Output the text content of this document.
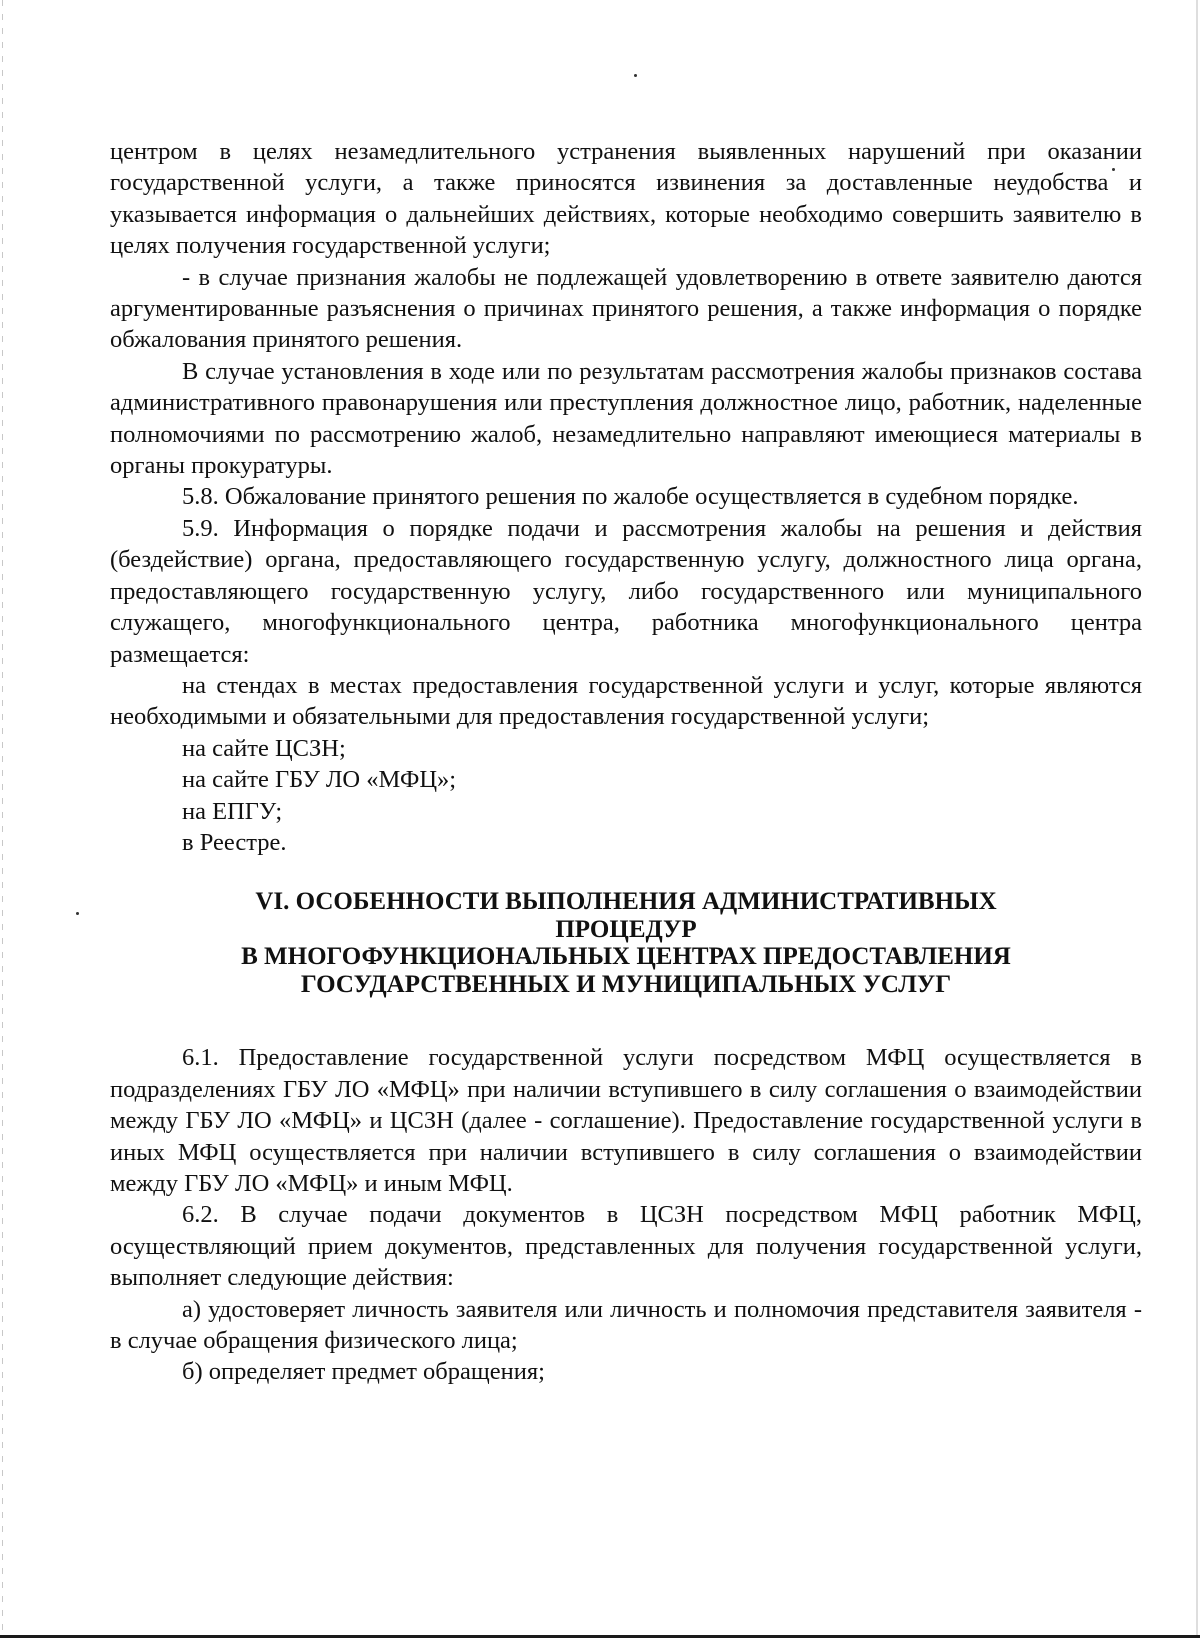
центром в целях незамедлительного устранения выявленных нарушений при оказании государственной услуги, а также приносятся извинения за доставленные неудобства и указывается информация о дальнейших действиях, которые необходимо совершить заявителю в целях получения государственной услуги;

- в случае признания жалобы не подлежащей удовлетворению в ответе заявителю даются аргументированные разъяснения о причинах принятого решения, а также информация о порядке обжалования принятого решения.

В случае установления в ходе или по результатам рассмотрения жалобы признаков состава административного правонарушения или преступления должностное лицо, работник, наделенные полномочиями по рассмотрению жалоб, незамедлительно направляют имеющиеся материалы в органы прокуратуры.

5.8. Обжалование принятого решения по жалобе осуществляется в судебном порядке.

5.9. Информация о порядке подачи и рассмотрения жалобы на решения и действия (бездействие) органа, предоставляющего государственную услугу, должностного лица органа, предоставляющего государственную услугу, либо государственного или муниципального служащего, многофункционального центра, работника многофункционального центра размещается:

на стендах в местах предоставления государственной услуги и услуг, которые являются необходимыми и обязательными для предоставления государственной услуги;

на сайте ЦСЗН;

на сайте ГБУ ЛО «МФЦ»;

на ЕПГУ;

в Реестре.

VI. ОСОБЕННОСТИ ВЫПОЛНЕНИЯ АДМИНИСТРАТИВНЫХ
ПРОЦЕДУР
В МНОГОФУНКЦИОНАЛЬНЫХ ЦЕНТРАХ ПРЕДОСТАВЛЕНИЯ
ГОСУДАРСТВЕННЫХ И МУНИЦИПАЛЬНЫХ УСЛУГ

6.1. Предоставление государственной услуги посредством МФЦ осуществляется в подразделениях ГБУ ЛО «МФЦ» при наличии вступившего в силу соглашения о взаимодействии между ГБУ ЛО «МФЦ» и ЦСЗН (далее - соглашение). Предоставление государственной услуги в иных МФЦ осуществляется при наличии вступившего в силу соглашения о взаимодействии между ГБУ ЛО «МФЦ» и иным МФЦ.

6.2. В случае подачи документов в ЦСЗН посредством МФЦ работник МФЦ, осуществляющий прием документов, представленных для получения государственной услуги, выполняет следующие действия:

а) удостоверяет личность заявителя или личность и полномочия представителя заявителя - в случае обращения физического лица;

б) определяет предмет обращения;
